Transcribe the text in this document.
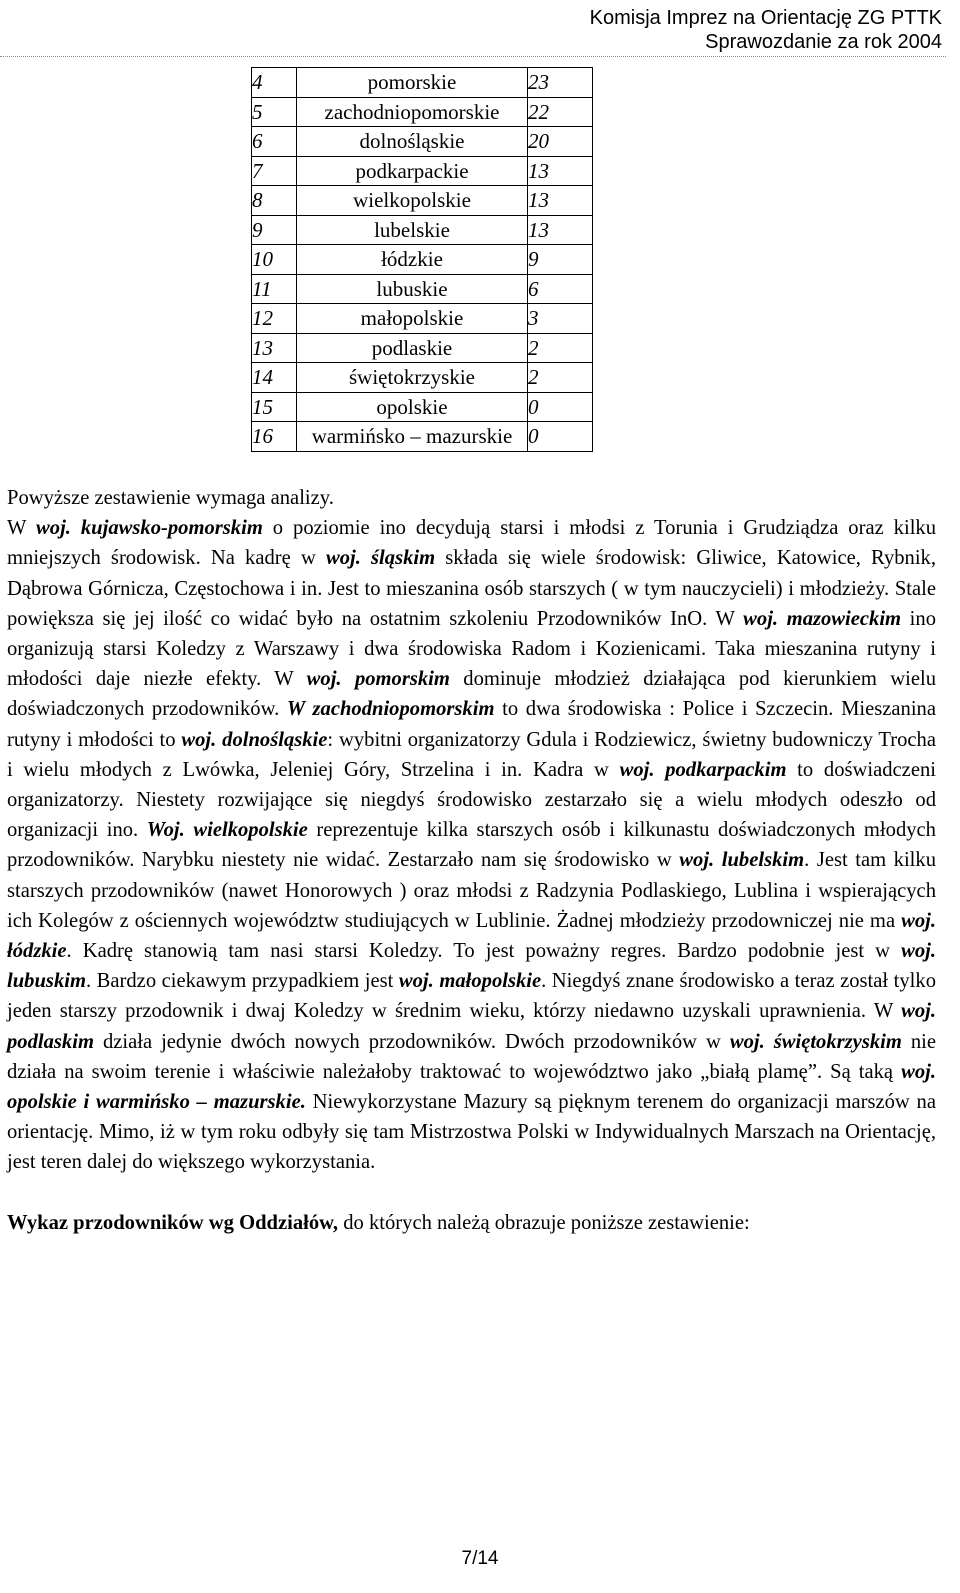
Komisja Imprez na Orientację ZG PTTK
Sprawozdanie za rok 2004
4	pomorskie	23
5	zachodniopomorskie	22
6	dolnośląskie	20
7	podkarpackie	13
8	wielkopolskie	13
9	lubelskie	13
10	łódzkie	9
11	lubuskie	6
12	małopolskie	3
13	podlaskie	2
14	świętokrzyskie	2
15	opolskie	0
16	warmińsko – mazurskie	0

Powyższe zestawienie wymaga analizy.

W woj. kujawsko-pomorskim o poziomie ino decydują starsi i młodsi z Torunia i Grudziądza oraz kilku mniejszych środowisk. Na kadrę w woj. śląskim składa się wiele środowisk: Gliwice, Katowice, Rybnik, Dąbrowa Górnicza, Częstochowa i in. Jest to mieszanina osób starszych ( w tym nauczycieli) i młodzieży. Stale powiększa się jej ilość co widać było na ostatnim szkoleniu Przodowników InO. W woj. mazowieckim ino organizują starsi Koledzy z Warszawy i dwa środowiska Radom i Kozienicami. Taka mieszanina rutyny i młodości daje niezłe efekty. W woj. pomorskim dominuje młodzież działająca pod kierunkiem wielu doświadczonych przodowników. W zachodniopomorskim to dwa środowiska : Police i Szczecin. Mieszanina rutyny i młodości to woj. dolnośląskie: wybitni organizatorzy Gdula i Rodziewicz, świetny budowniczy Trocha i wielu młodych z Lwówka, Jeleniej Góry, Strzelina i in. Kadra w woj. podkarpackim to doświadczeni organizatorzy. Niestety rozwijające się niegdyś środowisko zestarzało się a wielu młodych odeszło od organizacji ino. Woj. wielkopolskie reprezentuje kilka starszych osób i kilkunastu doświadczonych młodych przodowników. Narybku niestety nie widać. Zestarzało nam się środowisko w woj. lubelskim. Jest tam kilku starszych przodowników (nawet Honorowych ) oraz młodsi z Radzynia Podlaskiego, Lublina i wspierających ich Kolegów z ościennych województw studiujących w Lublinie. Żadnej młodzieży przodowniczej nie ma woj. łódzkie. Kadrę stanowią tam nasi starsi Koledzy. To jest poważny regres. Bardzo podobnie jest w woj. lubuskim. Bardzo ciekawym przypadkiem jest woj. małopolskie. Niegdyś znane środowisko a teraz został tylko jeden starszy przodownik i dwaj Koledzy w średnim wieku, którzy niedawno uzyskali uprawnienia. W woj. podlaskim działa jedynie dwóch nowych przodowników. Dwóch przodowników w woj. świętokrzyskim nie działa na swoim terenie i właściwie należałoby traktować to województwo jako „białą plamę”. Są taką woj. opolskie i warmińsko – mazurskie. Niewykorzystane Mazury są pięknym terenem do organizacji marszów na orientację. Mimo, iż w tym roku odbyły się tam Mistrzostwa Polski w Indywidualnych Marszach na Orientację, jest teren dalej do większego wykorzystania.

Wykaz przodowników wg Oddziałów, do których należą obrazuje poniższe zestawienie:

7/14
